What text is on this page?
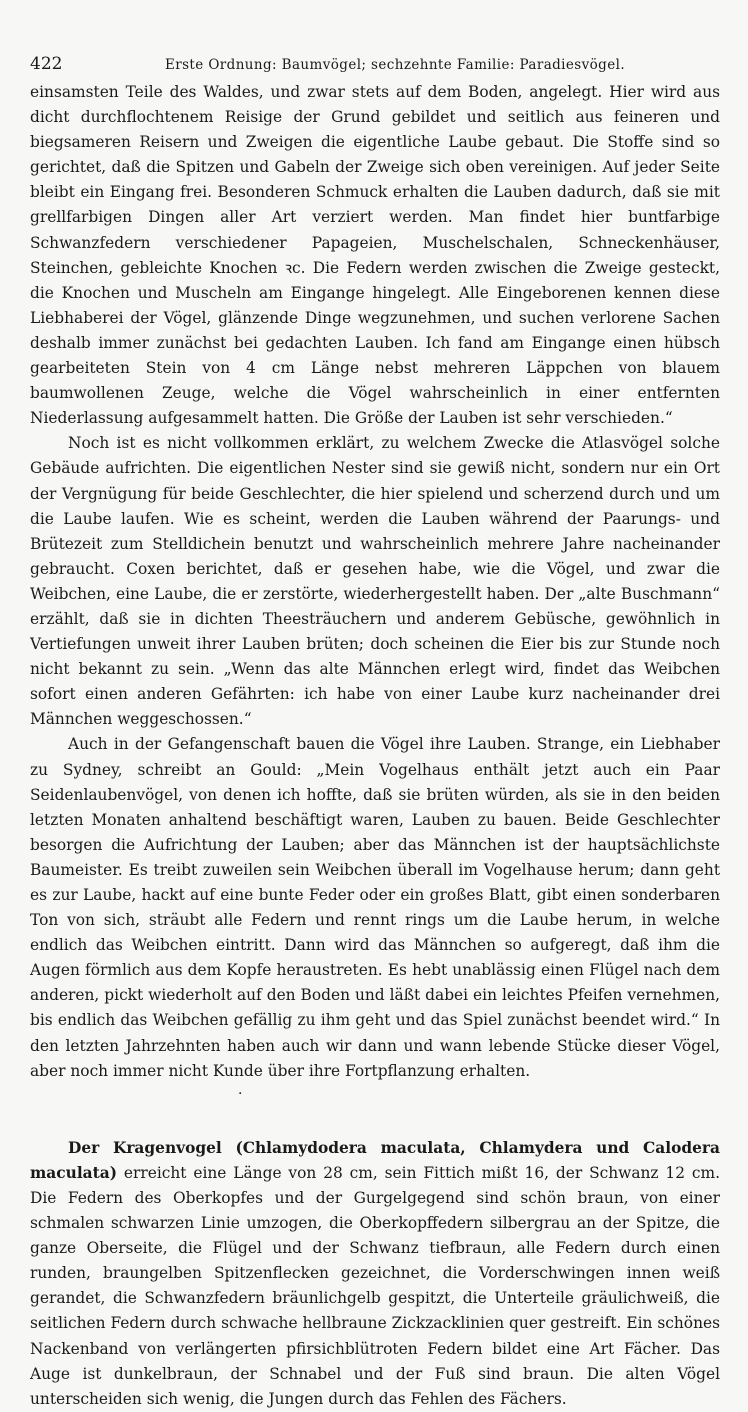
422	Erste Ordnung: Baumvögel; sechzehnte Familie: Paradiesvögel.

einsamsten Teile des Waldes, und zwar stets auf dem Boden, angelegt. Hier wird aus dicht durchflochtenem Reisige der Grund gebildet und seitlich aus feineren und biegsameren Reisern und Zweigen die eigentliche Laube gebaut. Die Stoffe sind so gerichtet, daß die Spitzen und Gabeln der Zweige sich oben vereinigen. Auf jeder Seite bleibt ein Eingang frei. Besonderen Schmuck erhalten die Lauben dadurch, daß sie mit grellfarbigen Dingen aller Art verziert werden. Man findet hier buntfarbige Schwanzfedern verschiedener Papageien, Muschelschalen, Schneckenhäuser, Steinchen, gebleichte Knochen ꝛc. Die Federn werden zwischen die Zweige gesteckt, die Knochen und Muscheln am Eingange hingelegt. Alle Eingeborenen kennen diese Liebhaberei der Vögel, glänzende Dinge wegzunehmen, und suchen verlorene Sachen deshalb immer zunächst bei gedachten Lauben. Ich fand am Eingange einen hübsch gearbeiteten Stein von 4 cm Länge nebst mehreren Läppchen von blauem baumwollenen Zeuge, welche die Vögel wahrscheinlich in einer entfernten Niederlassung aufgesammelt hatten. Die Größe der Lauben ist sehr verschieden.“

Noch ist es nicht vollkommen erklärt, zu welchem Zwecke die Atlasvögel solche Gebäude aufrichten. Die eigentlichen Nester sind sie gewiß nicht, sondern nur ein Ort der Vergnügung für beide Geschlechter, die hier spielend und scherzend durch und um die Laube laufen. Wie es scheint, werden die Lauben während der Paarungs- und Brütezeit zum Stelldichein benutzt und wahrscheinlich mehrere Jahre nacheinander gebraucht. Coxen berichtet, daß er gesehen habe, wie die Vögel, und zwar die Weibchen, eine Laube, die er zerstörte, wiederhergestellt haben. Der „alte Buschmann“ erzählt, daß sie in dichten Theesträuchern und anderem Gebüsche, gewöhnlich in Vertiefungen unweit ihrer Lauben brüten; doch scheinen die Eier bis zur Stunde noch nicht bekannt zu sein. „Wenn das alte Männchen erlegt wird, findet das Weibchen sofort einen anderen Gefährten: ich habe von einer Laube kurz nacheinander drei Männchen weggeschossen.“

Auch in der Gefangenschaft bauen die Vögel ihre Lauben. Strange, ein Liebhaber zu Sydney, schreibt an Gould: „Mein Vogelhaus enthält jetzt auch ein Paar Seidenlaubenvögel, von denen ich hoffte, daß sie brüten würden, als sie in den beiden letzten Monaten anhaltend beschäftigt waren, Lauben zu bauen. Beide Geschlechter besorgen die Aufrichtung der Lauben; aber das Männchen ist der hauptsächlichste Baumeister. Es treibt zuweilen sein Weibchen überall im Vogelhause herum; dann geht es zur Laube, hackt auf eine bunte Feder oder ein großes Blatt, gibt einen sonderbaren Ton von sich, sträubt alle Federn und rennt rings um die Laube herum, in welche endlich das Weibchen eintritt. Dann wird das Männchen so aufgeregt, daß ihm die Augen förmlich aus dem Kopfe heraustreten. Es hebt unablässig einen Flügel nach dem anderen, pickt wiederholt auf den Boden und läßt dabei ein leichtes Pfeifen vernehmen, bis endlich das Weibchen gefällig zu ihm geht und das Spiel zunächst beendet wird.“ In den letzten Jahrzehnten haben auch wir dann und wann lebende Stücke dieser Vögel, aber noch immer nicht Kunde über ihre Fortpflanzung erhalten.

·

Der Kragenvogel (Chlamydodera maculata, Chlamydera und Calodera maculata) erreicht eine Länge von 28 cm, sein Fittich mißt 16, der Schwanz 12 cm. Die Federn des Oberkopfes und der Gurgelgegend sind schön braun, von einer schmalen schwarzen Linie umzogen, die Oberkopffedern silbergrau an der Spitze, die ganze Oberseite, die Flügel und der Schwanz tiefbraun, alle Federn durch einen runden, braungelben Spitzenflecken gezeichnet, die Vorderschwingen innen weiß gerandet, die Schwanzfedern bräunlichgelb gespitzt, die Unterteile gräulichweiß, die seitlichen Federn durch schwache hellbraune Zickzacklinien quer gestreift. Ein schönes Nackenband von verlängerten pfirsichblütroten Federn bildet eine Art Fächer. Das Auge ist dunkelbraun, der Schnabel und der Fuß sind braun. Die alten Vögel unterscheiden sich wenig, die Jungen durch das Fehlen des Fächers.
